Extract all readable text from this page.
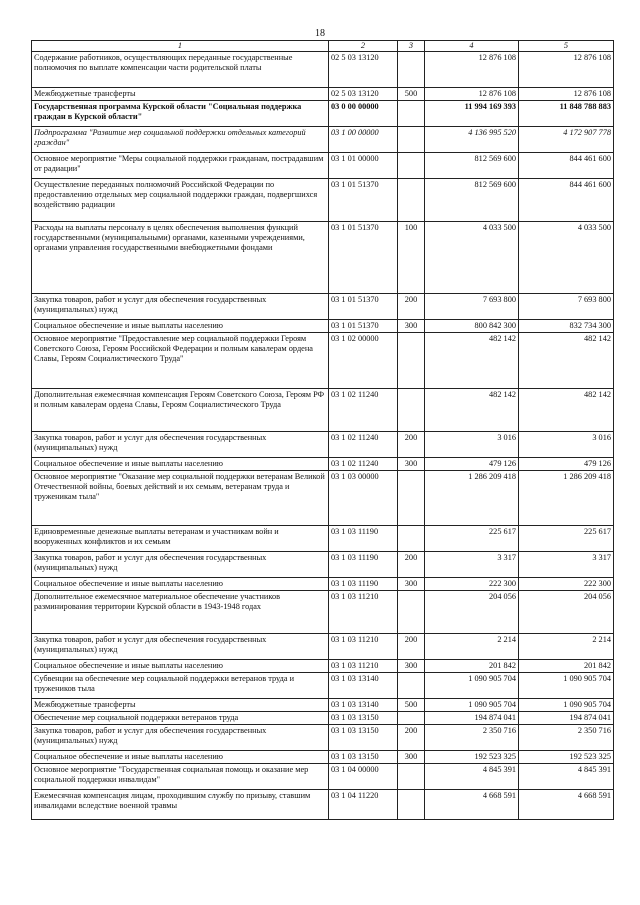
18
1	2	3	4	5
Содержание работников, осуществляющих переданные государственные полномочия по выплате компенсации части родительской платы	02 5 03 13120		12 876 108	12 876 108
Межбюджетные трансферты	02 5 03 13120	500	12 876 108	12 876 108
Государственная программа Курской области "Социальная поддержка граждан в Курской области"	03 0 00 00000		11 994 169 393	11 848 788 883
Подпрограмма "Развитие мер социальной поддержки отдельных категорий граждан"	03 1 00 00000		4 136 995 520	4 172 907 778
Основное мероприятие "Меры социальной поддержки гражданам, пострадавшим от радиации"	03 1 01 00000		812 569 600	844 461 600
Осуществление переданных полномочий Российской Федерации по предоставлению отдельных мер социальной поддержки граждан, подвергшихся воздействию радиации	03 1 01 51370		812 569 600	844 461 600
Расходы на выплаты персоналу в целях обеспечения выполнения функций государственными (муниципальными) органами, казенными учреждениями, органами управления государственными внебюджетными фондами	03 1 01 51370	100	4 033 500	4 033 500
Закупка товаров, работ и услуг для обеспечения государственных (муниципальных) нужд	03 1 01 51370	200	7 693 800	7 693 800
Социальное обеспечение и иные выплаты населению	03 1 01 51370	300	800 842 300	832 734 300
Основное мероприятие "Предоставление мер социальной поддержки Героям Советского Союза, Героям Российской Федерации и полным кавалерам ордена Славы, Героям Социалистического Труда"	03 1 02 00000		482 142	482 142
Дополнительная ежемесячная компенсация Героям Советского Союза, Героям РФ и полным кавалерам ордена Славы, Героям Социалистического Труда	03 1 02 11240		482 142	482 142
Закупка товаров, работ и услуг для обеспечения государственных (муниципальных) нужд	03 1 02 11240	200	3 016	3 016
Социальное обеспечение и иные выплаты населению	03 1 02 11240	300	479 126	479 126
Основное мероприятие "Оказание мер социальной поддержки ветеранам Великой Отечественной войны, боевых действий и их семьям, ветеранам труда и труженикам тыла"	03 1 03 00000		1 286 209 418	1 286 209 418
Единовременные денежные выплаты ветеранам и участникам войн и вооруженных конфликтов и их семьям	03 1 03 11190		225 617	225 617
Закупка товаров, работ и услуг для обеспечения государственных (муниципальных) нужд	03 1 03 11190	200	3 317	3 317
Социальное обеспечение и иные выплаты населению	03 1 03 11190	300	222 300	222 300
Дополнительное ежемесячное материальное обеспечение участников разминирования территории Курской области в 1943-1948 годах	03 1 03 11210		204 056	204 056
Закупка товаров, работ и услуг для обеспечения государственных (муниципальных) нужд	03 1 03 11210	200	2 214	2 214
Социальное обеспечение и иные выплаты населению	03 1 03 11210	300	201 842	201 842
Субвенции на обеспечение мер социальной поддержки ветеранов труда и тружеников тыла	03 1 03 13140		1 090 905 704	1 090 905 704
Межбюджетные трансферты	03 1 03 13140	500	1 090 905 704	1 090 905 704
Обеспечение мер социальной поддержки ветеранов труда	03 1 03 13150		194 874 041	194 874 041
Закупка товаров, работ и услуг для обеспечения государственных (муниципальных) нужд	03 1 03 13150	200	2 350 716	2 350 716
Социальное обеспечение и иные выплаты населению	03 1 03 13150	300	192 523 325	192 523 325
Основное мероприятие "Государственная социальная помощь и оказание мер социальной поддержки инвалидам"	03 1 04 00000		4 845 391	4 845 391
Ежемесячная компенсация лицам, проходившим службу по призыву, ставшим инвалидами вследствие военной травмы	03 1 04 11220		4 668 591	4 668 591
